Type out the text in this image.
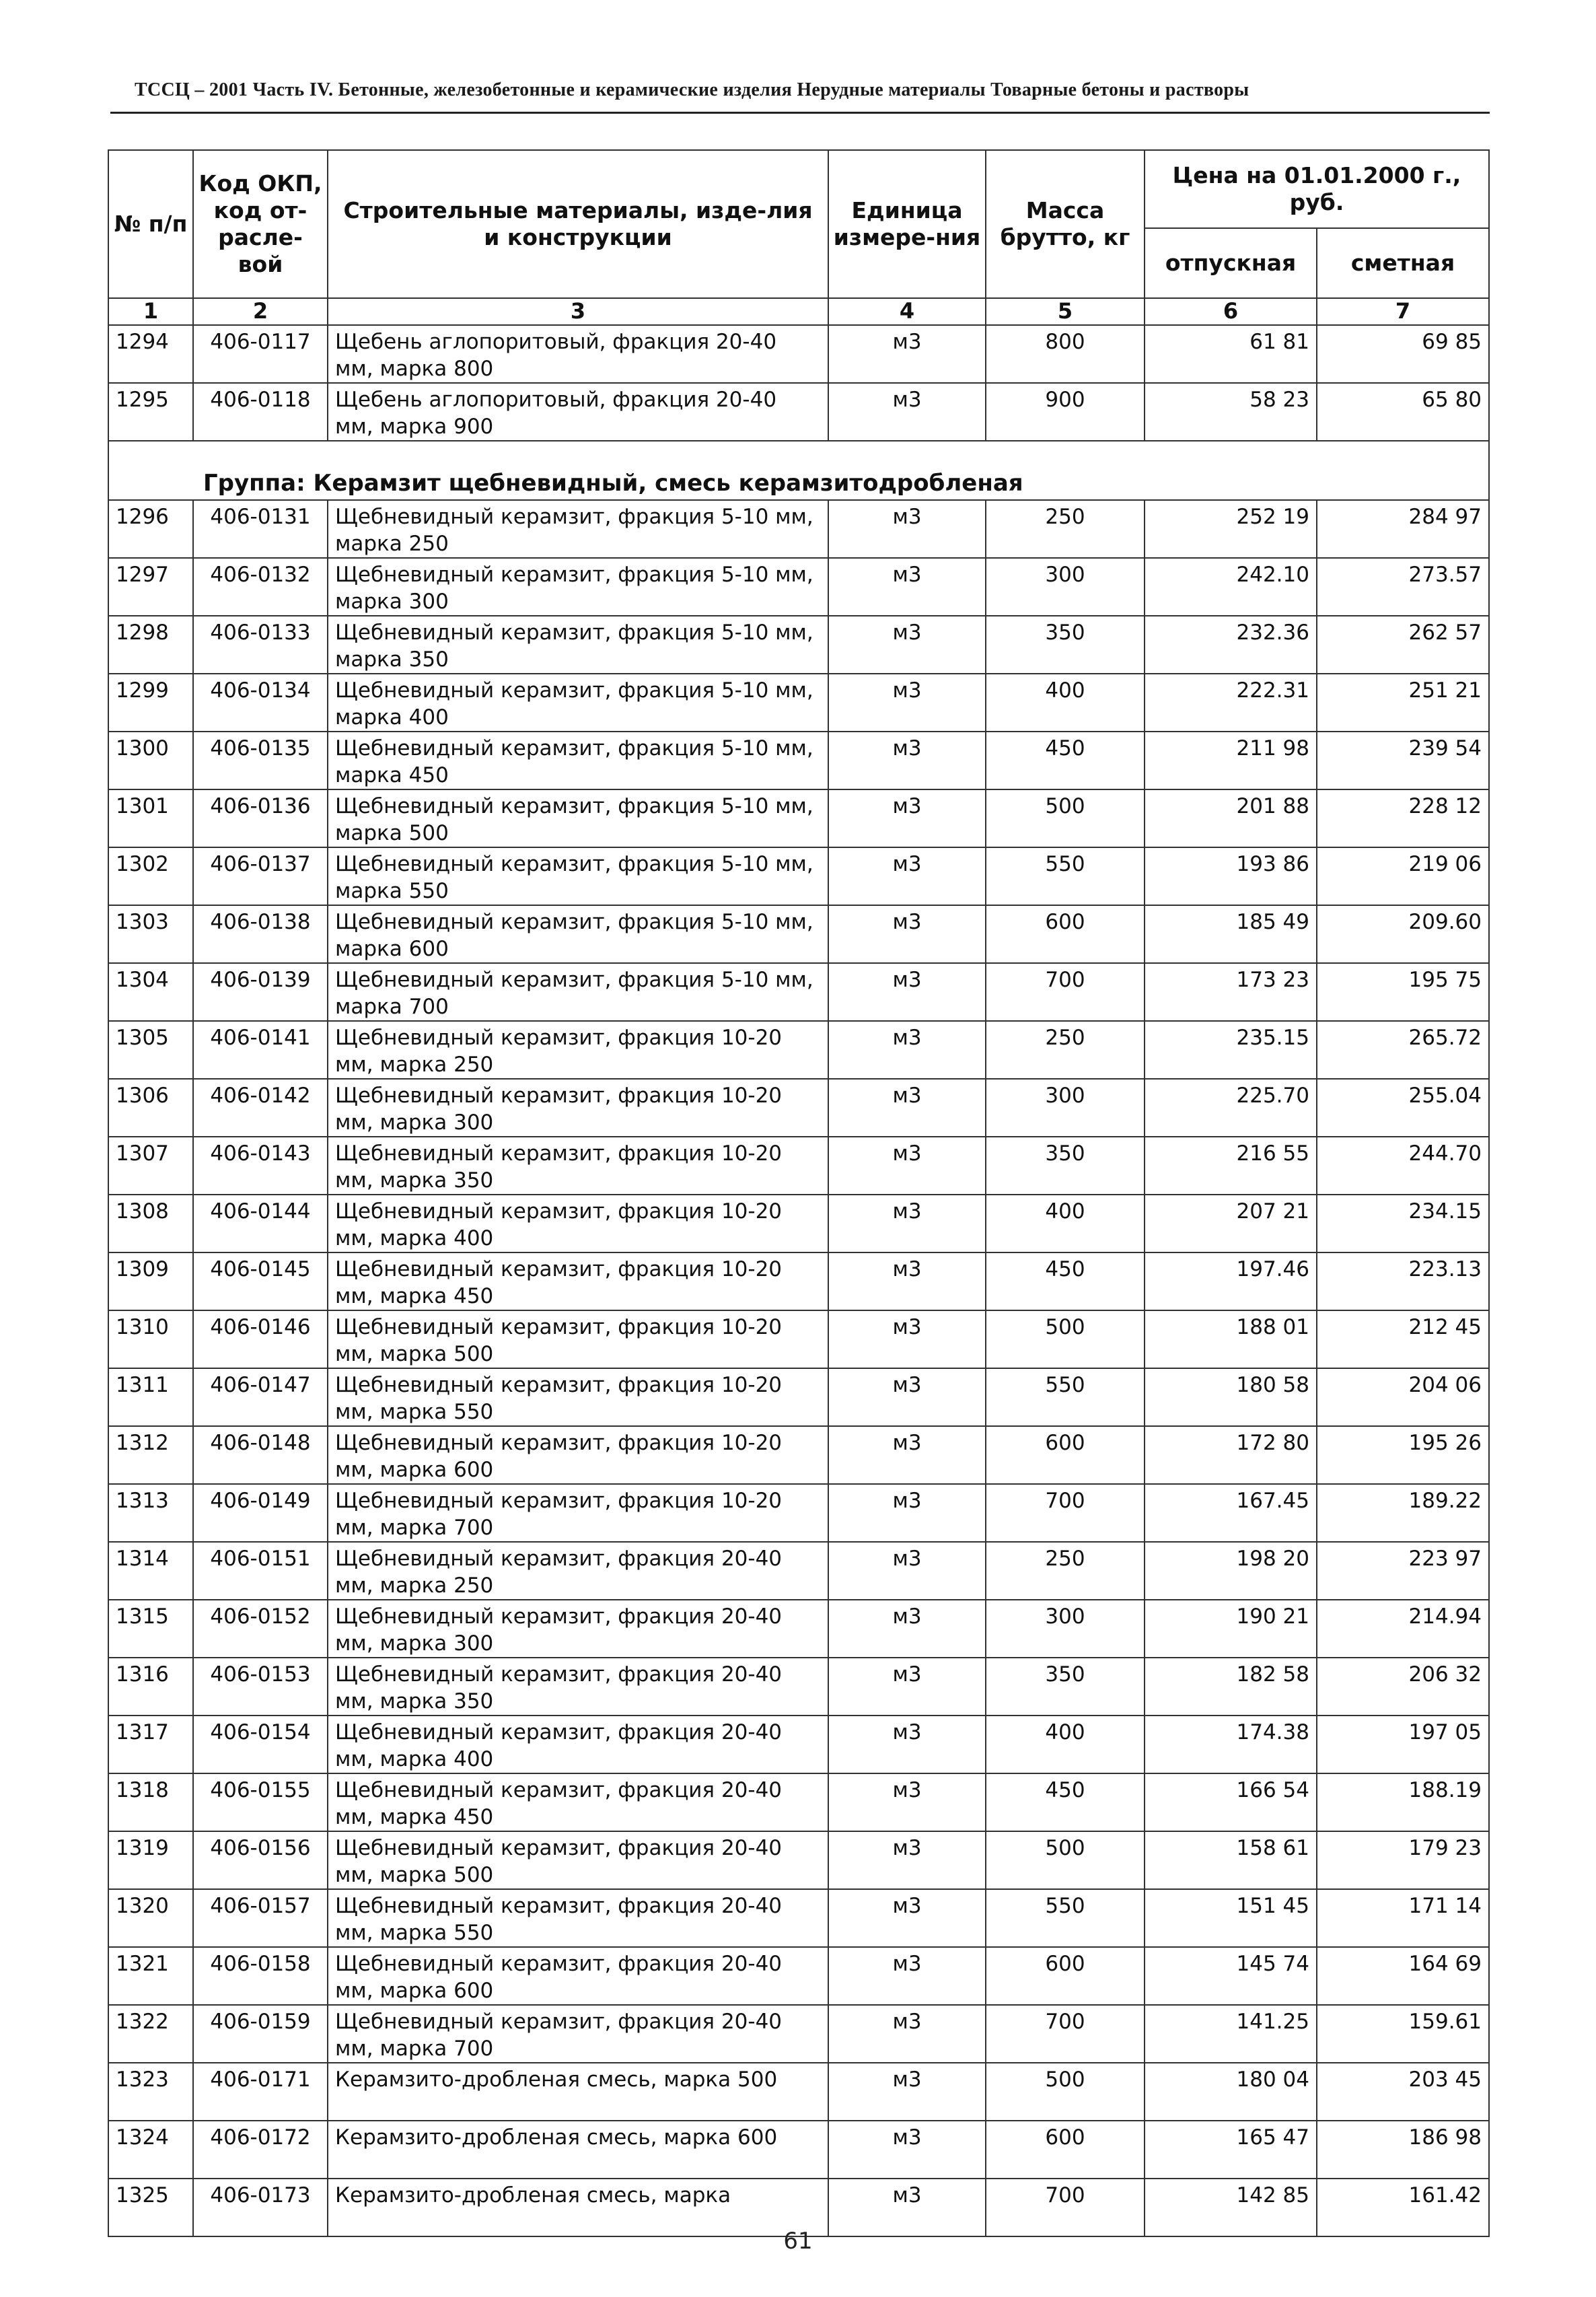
ТССЦ – 2001 Часть IV. Бетонные, железобетонные и керамические изделия Нерудные материалы Товарные бетоны и растворы
№ п/п	Код ОКП, код от-расле-вой	Строительные материалы, изде-лия и конструкции	Единица измере-ния	Масса брутто, кг	Цена на 01.01.2000 г., руб.	
					отпускная	сметная
1	2	3	4	5	6	7
1294	406-0117	Щебень аглопоритовый, фракция 20-40 мм, марка 800	м3	800	61 81	69 85
1295	406-0118	Щебень аглопоритовый, фракция 20-40 мм, марка 900	м3	900	58 23	65 80
Группа: Керамзит щебневидный, смесь керамзитодробленая						
1296	406-0131	Щебневидный керамзит, фракция 5-10 мм, марка 250	м3	250	252 19	284 97
1297	406-0132	Щебневидный керамзит, фракция 5-10 мм, марка 300	м3	300	242.10	273.57
1298	406-0133	Щебневидный керамзит, фракция 5-10 мм, марка 350	м3	350	232.36	262 57
1299	406-0134	Щебневидный керамзит, фракция 5-10 мм, марка 400	м3	400	222.31	251 21
1300	406-0135	Щебневидный керамзит, фракция 5-10 мм, марка 450	м3	450	211 98	239 54
1301	406-0136	Щебневидный керамзит, фракция 5-10 мм, марка 500	м3	500	201 88	228 12
1302	406-0137	Щебневидный керамзит, фракция 5-10 мм, марка 550	м3	550	193 86	219 06
1303	406-0138	Щебневидный керамзит, фракция 5-10 мм, марка 600	м3	600	185 49	209.60
1304	406-0139	Щебневидный керамзит, фракция 5-10 мм, марка 700	м3	700	173 23	195 75
1305	406-0141	Щебневидный керамзит, фракция 10-20 мм, марка 250	м3	250	235.15	265.72
1306	406-0142	Щебневидный керамзит, фракция 10-20 мм, марка 300	м3	300	225.70	255.04
1307	406-0143	Щебневидный керамзит, фракция 10-20 мм, марка 350	м3	350	216 55	244.70
1308	406-0144	Щебневидный керамзит, фракция 10-20 мм, марка 400	м3	400	207 21	234.15
1309	406-0145	Щебневидный керамзит, фракция 10-20 мм, марка 450	м3	450	197.46	223.13
1310	406-0146	Щебневидный керамзит, фракция 10-20 мм, марка 500	м3	500	188 01	212 45
1311	406-0147	Щебневидный керамзит, фракция 10-20 мм, марка 550	м3	550	180 58	204 06
1312	406-0148	Щебневидный керамзит, фракция 10-20 мм, марка 600	м3	600	172 80	195 26
1313	406-0149	Щебневидный керамзит, фракция 10-20 мм, марка 700	м3	700	167.45	189.22
1314	406-0151	Щебневидный керамзит, фракция 20-40 мм, марка 250	м3	250	198 20	223 97
1315	406-0152	Щебневидный керамзит, фракция 20-40 мм, марка 300	м3	300	190 21	214.94
1316	406-0153	Щебневидный керамзит, фракция 20-40 мм, марка 350	м3	350	182 58	206 32
1317	406-0154	Щебневидный керамзит, фракция 20-40 мм, марка 400	м3	400	174.38	197 05
1318	406-0155	Щебневидный керамзит, фракция 20-40 мм, марка 450	м3	450	166 54	188.19
1319	406-0156	Щебневидный керамзит, фракция 20-40 мм, марка 500	м3	500	158 61	179 23
1320	406-0157	Щебневидный керамзит, фракция 20-40 мм, марка 550	м3	550	151 45	171 14
1321	406-0158	Щебневидный керамзит, фракция 20-40 мм, марка 600	м3	600	145 74	164 69
1322	406-0159	Щебневидный керамзит, фракция 20-40 мм, марка 700	м3	700	141.25	159.61
1323	406-0171	Керамзито-дробленая смесь, марка 500	м3	500	180 04	203 45
1324	406-0172	Керамзито-дробленая смесь, марка 600	м3	600	165 47	186 98
1325	406-0173	Керамзито-дробленая смесь, марка	м3	700	142 85	161.42
61
